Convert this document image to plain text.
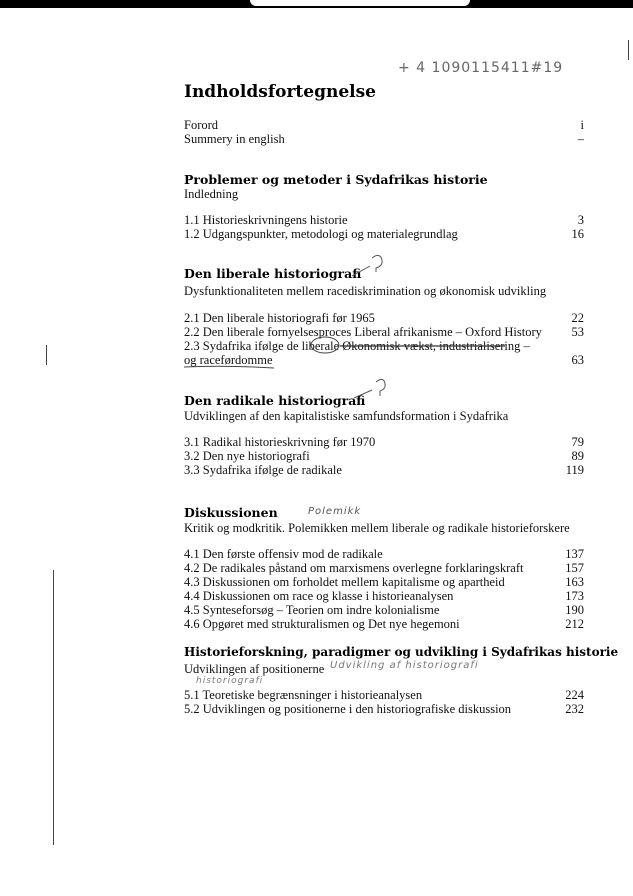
+ 4 1090115411#19
Indholdsfortegnelse
Forord	i
Summery in english	–
Problemer og metoder i Sydafrikas historie
Indledning
1.1 Historieskrivningens historie	3
1.2 Udgangspunkter, metodologi og materialegrundlag	16
Den liberale historiografi
Dysfunktionaliteten mellem racediskrimination og økonomisk udvikling
2.1 Den liberale historiografi før 1965	22
2.2 Den liberale fornyelsesproces Liberal afrikanisme – Oxford History 53
2.3 Sydafrika ifølge de liberale Økonomisk vækst, industrialisering –
og raceførdomme	63
Den radikale historiografi
Udviklingen af den kapitalistiske samfundsformation i Sydafrika
3.1 Radikal historieskrivning før 1970	79
3.2 Den nye historiografi	89
3.3 Sydafrika ifølge de radikale	119
Diskussionen	Polemikk
Kritik og modkritik. Polemikken mellem liberale og radikale historieforskere
4.1 Den første offensiv mod de radikale	137
4.2 De radikales påstand om marxismens overlegne forklaringskraft	157
4.3 Diskussionen om forholdet mellem kapitalisme og apartheid	163
4.4 Diskussionen om race og klasse i historieanalysen	173
4.5 Synteseforsøg – Teorien om indre kolonialisme	190
4.6 Opgøret med strukturalismen og Det nye hegemoni	212
Historieforskning, paradigmer og udvikling i Sydafrikas historie
Udviklingen af positionerne Udvikling af historiografi
historiografi
5.1 Teoretiske begrænsninger i historieanalysen	224
5.2 Udviklingen og positionerne i den historiografiske diskussion	232
